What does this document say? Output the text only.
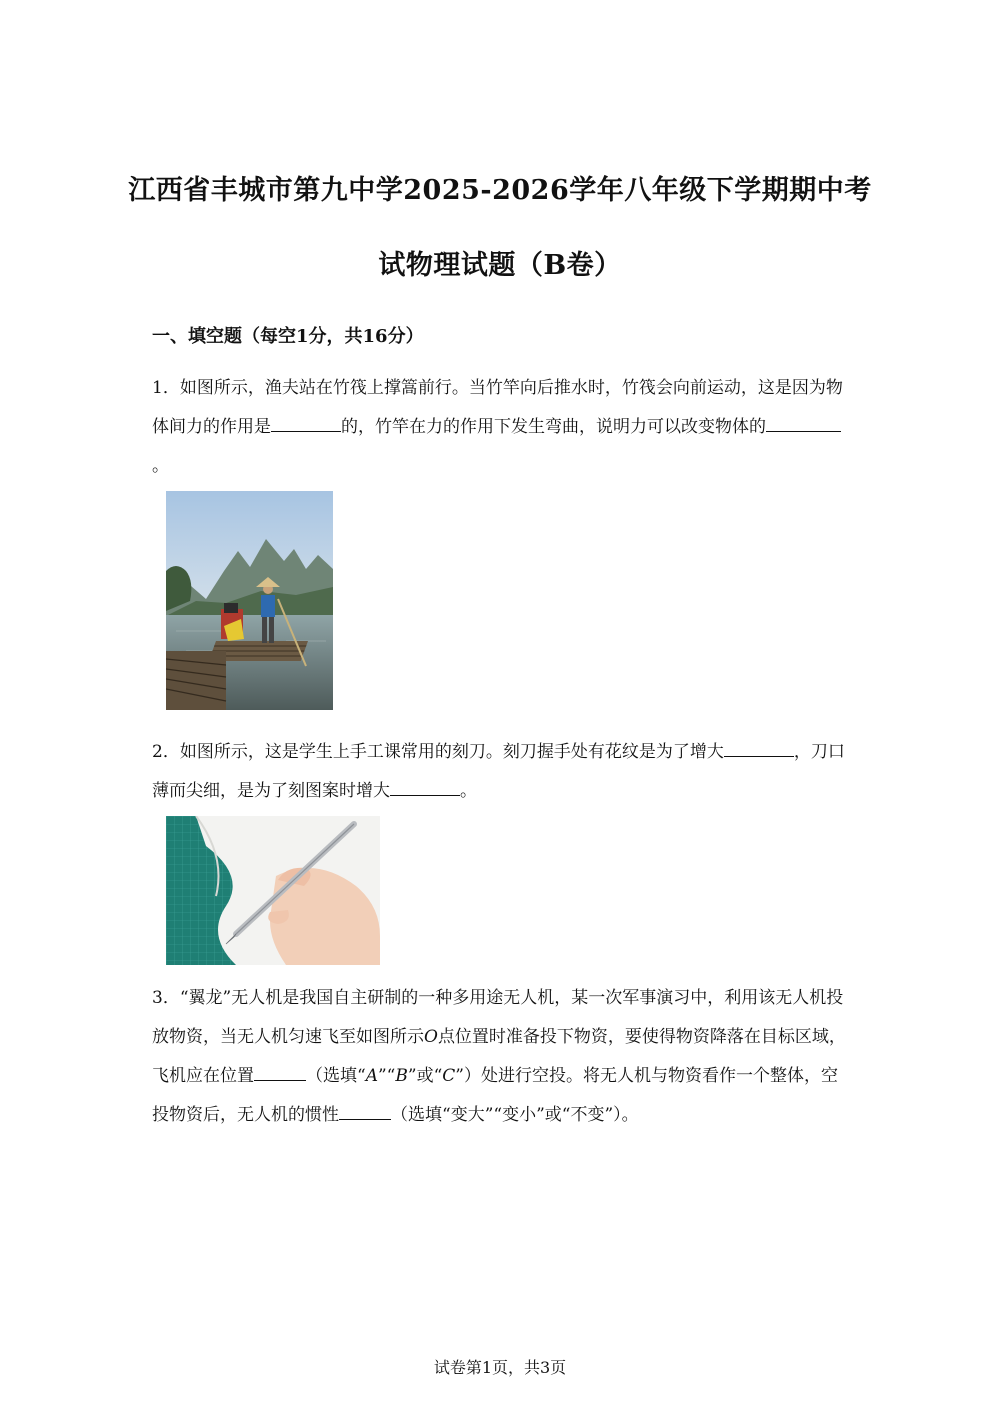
江西省丰城市第九中学2025-2026学年八年级下学期期中考
试物理试题（B卷）
一、填空题（每空1分，共16分）
1．如图所示，渔夫站在竹筏上撑篙前行。当竹竿向后推水时，竹筏会向前运动，这是因为物体间力的作用是	的，竹竿在力的作用下发生弯曲，说明力可以改变物体的。
2．如图所示，这是学生上手工课常用的刻刀。刻刀握手处有花纹是为了增大	，刀口薄而尖细，是为了刻图案时增大	。
3．“翼龙”无人机是我国自主研制的一种多用途无人机，某一次军事演习中，利用该无人机投放物资，当无人机匀速飞至如图所示O点位置时准备投下物资，要使得物资降落在目标区域，飞机应在位置	（选填“A”“B”或“C”）处进行空投。将无人机与物资看作一个整体，空投物资后，无人机的惯性	（选填“变大”“变小”或“不变”）。
试卷第1页，共3页
